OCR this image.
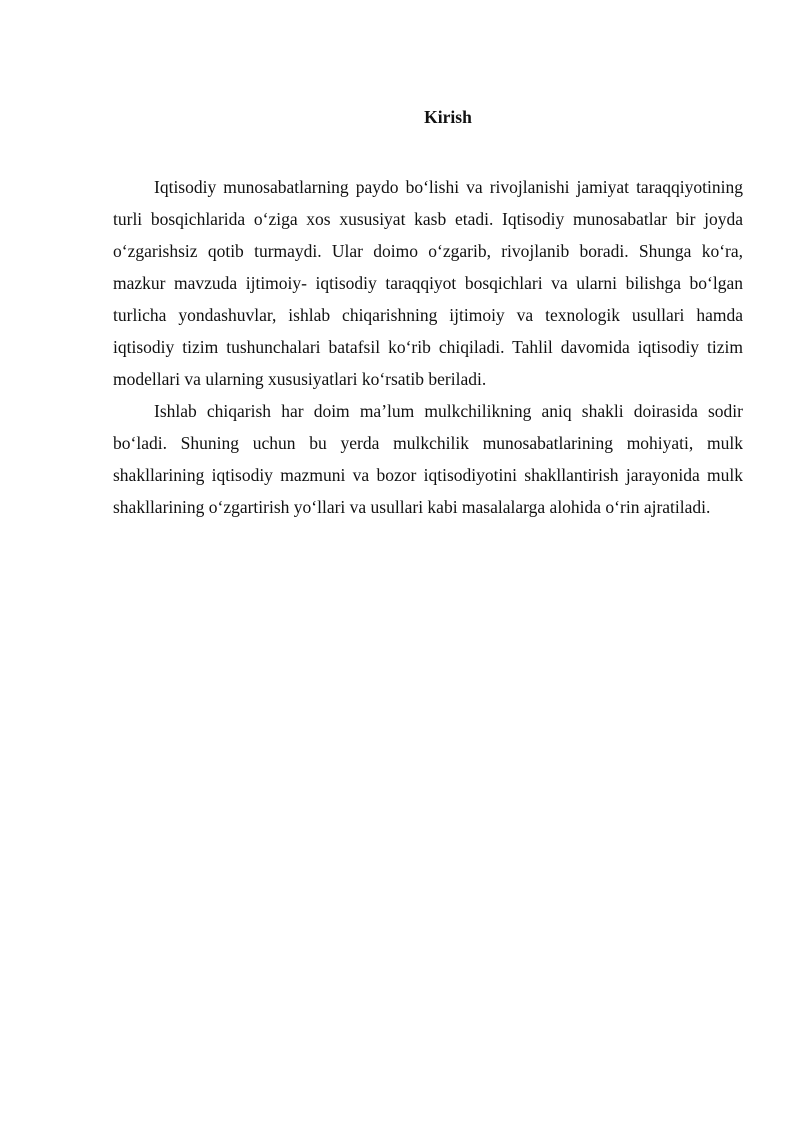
Kirish

Iqtisodiy munosabatlarning paydo bo‘lishi va rivojlanishi jamiyat taraqqiyotining turli bosqichlarida o‘ziga xos xususiyat kasb etadi. Iqtisodiy munosabatlar bir joyda o‘zgarishsiz qotib turmaydi. Ular doimo o‘zgarib, rivojlanib boradi. Shunga ko‘ra, mazkur mavzuda ijtimoiy- iqtisodiy taraqqiyot bosqichlari va ularni bilishga bo‘lgan turlicha yondashuvlar, ishlab chiqarishning ijtimoiy va texnologik usullari hamda iqtisodiy tizim tushunchalari batafsil ko‘rib chiqiladi. Tahlil davomida iqtisodiy tizim modellari va ularning xususiyatlari ko‘rsatib beriladi.

Ishlab chiqarish har doim ma’lum mulkchilikning aniq shakli doirasida sodir bo‘ladi. Shuning uchun bu yerda mulkchilik munosabatlarining mohiyati, mulk shakllarining iqtisodiy mazmuni va bozor iqtisodiyotini shakllantirish jarayonida mulk shakllarining o‘zgartirish yo‘llari va usullari kabi masalalarga alohida o‘rin ajratiladi.
